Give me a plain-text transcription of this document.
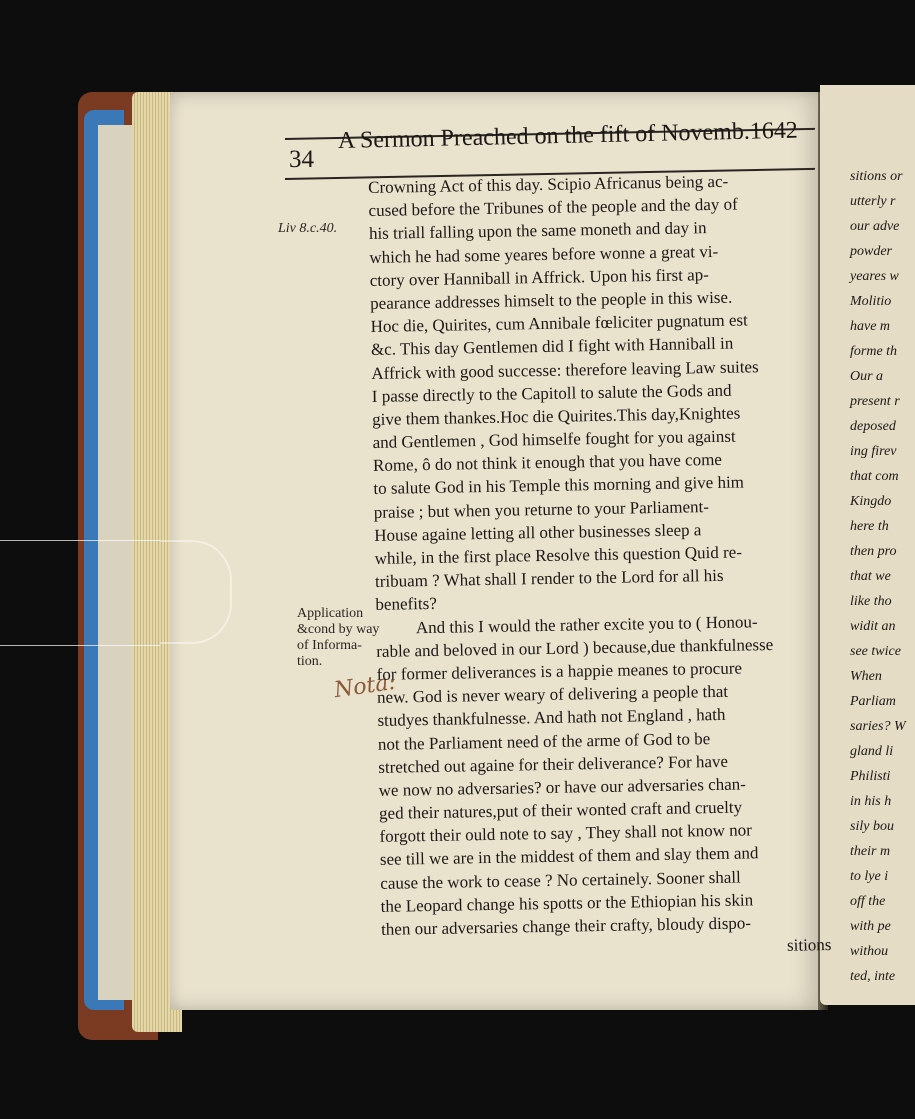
sitions or
utterly r
our adve
powder
yeares w
Molitio
have m
forme th
Our a
present r
deposed
ing firev
that com
Kingdo
here th
then pro
that we
like tho
widit an
see twice
When
Parliam
saries? W
gland li
Philisti
in his h
sily bou
their m
to lye i
off the
with pe
withou
ted, inte
34
A Sermon Preached on the fift of Novemb.1642
Liv 8.c.40.
Application
&cond by way
of Informa-
tion.
Nota:
Crowning Act of this day. Scipio Africanus being ac-
cused before the Tribunes of the people and the day of
his triall falling upon the same moneth and day in
which he had some yeares before wonne a great vi-
ctory over Hanniball in Affrick. Upon his first ap-
pearance addresses himselt to the people in this wise.
Hoc die, Quirites, cum Annibale fœliciter pugnatum est
&c. This day Gentlemen did I fight with Hanniball in
Affrick with good successe: therefore leaving Law suites
I passe directly to the Capitoll to salute the Gods and
give them thankes.Hoc die Quirites.This day,Knightes
and Gentlemen , God himselfe fought for you against
Rome, ô do not think it enough that you have come
to salute God in his Temple this morning and give him
praise ; but when you returne to your Parliament-
House againe letting all other businesses sleep a
while, in the first place Resolve this question Quid re-
tribuam ? What shall I render to the Lord for all his
benefits?
And this I would the rather excite you to ( Honou-
rable and beloved in our Lord ) because,due thankfulnesse
for former deliverances is a happie meanes to procure
new. God is never weary of delivering a people that
studyes thankfulnesse. And hath not England , hath
not the Parliament need of the arme of God to be
stretched out againe for their deliverance? For have
we now no adversaries? or have our adversaries chan-
ged their natures,put of their wonted craft and cruelty
forgott their ould note to say , They shall not know nor
see till we are in the middest of them and slay them and
cause the work to cease ? No certainely. Sooner shall
the Leopard change his spotts or the Ethiopian his skin
then our adversaries change their crafty, bloudy dispo-
sitions
